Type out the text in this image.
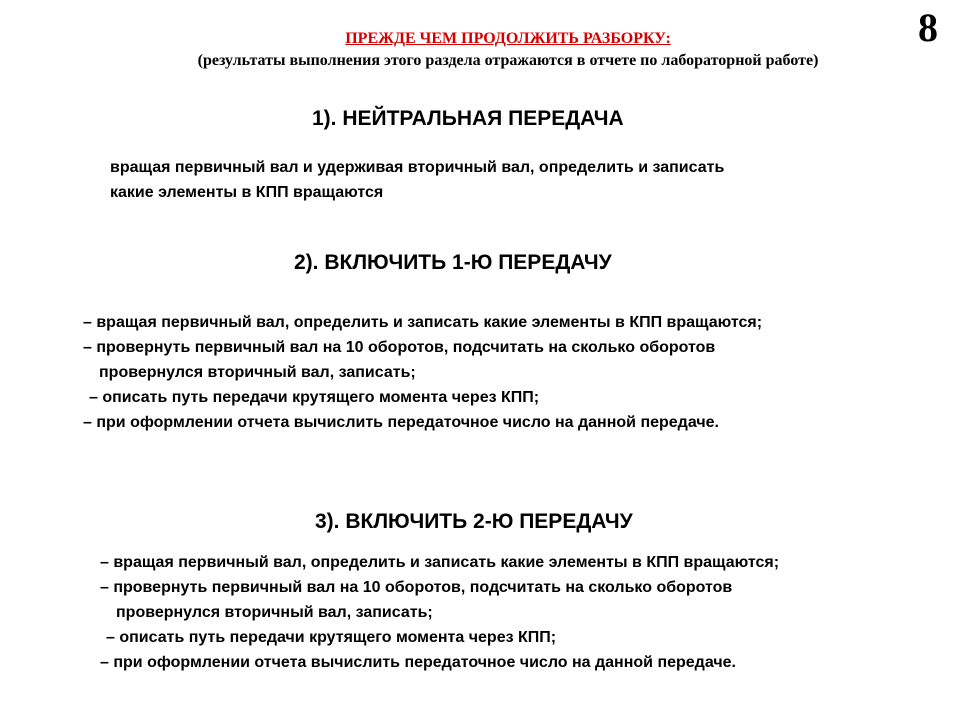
8
ПРЕЖДЕ ЧЕМ ПРОДОЛЖИТЬ РАЗБОРКУ:
(результаты выполнения этого раздела отражаются в отчете по лабораторной работе)
1). НЕЙТРАЛЬНАЯ ПЕРЕДАЧА
вращая первичный вал и удерживая вторичный вал, определить и записать
какие элементы в КПП вращаются
2). ВКЛЮЧИТЬ 1-Ю ПЕРЕДАЧУ
– вращая первичный вал, определить и записать какие элементы в КПП вращаются;
– провернуть первичный вал на 10 оборотов, подсчитать на сколько оборотов
провернулся вторичный вал, записать;
– описать путь передачи крутящего момента через КПП;
– при оформлении отчета вычислить передаточное число на данной передаче.
3). ВКЛЮЧИТЬ 2-Ю ПЕРЕДАЧУ
– вращая первичный вал, определить и записать какие элементы в КПП вращаются;
– провернуть первичный вал на 10 оборотов, подсчитать на сколько оборотов
провернулся вторичный вал, записать;
– описать путь передачи крутящего момента через КПП;
– при оформлении отчета вычислить передаточное число на данной передаче.
